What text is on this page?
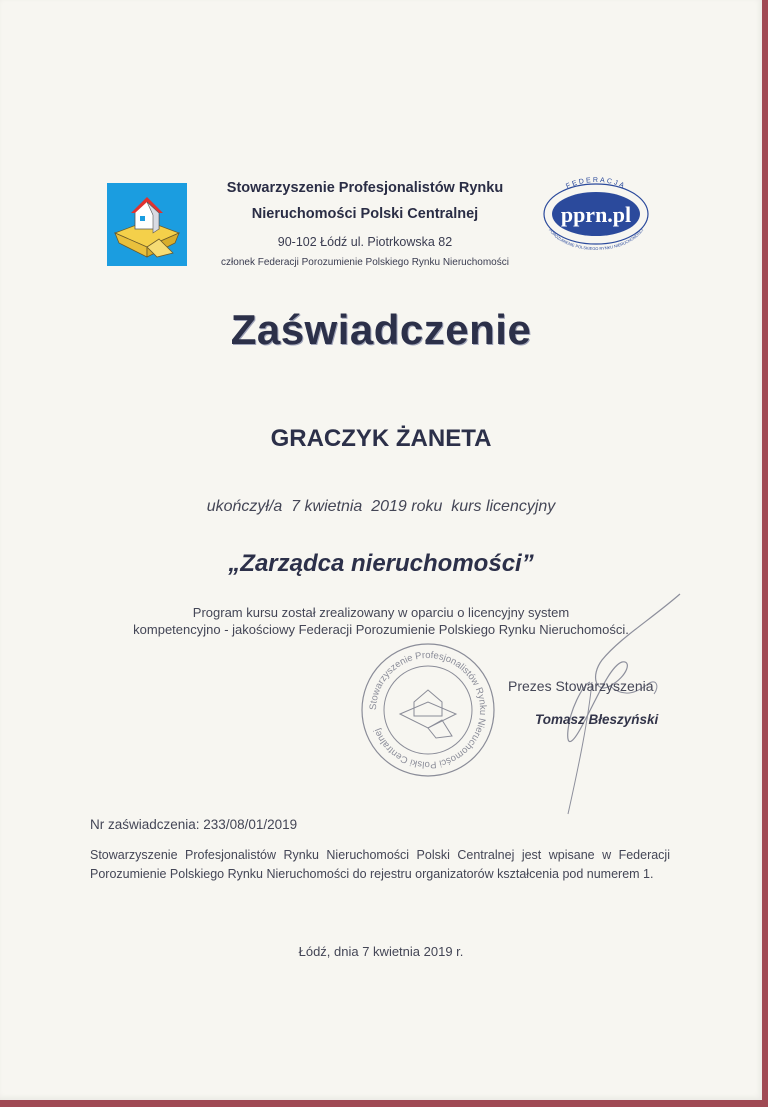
Stowarzyszenie Profesjonalistów Rynku
Nieruchomości Polski Centralnej
90-102 Łódź ul. Piotrkowska 82
członek Federacji Porozumienie Polskiego Rynku Nieruchomości
pprn.pl
FEDERACJA
POROZUMIENIE POLSKIEGO RYNKU NIERUCHOMOŚCI
Zaświadczenie
GRACZYK ŻANETA
ukończył/a  7 kwietnia  2019 roku  kurs licencyjny
„Zarządca nieruchomości”
Program kursu został zrealizowany w oparciu o licencyjny system
kompetencyjno - jakościowy Federacji Porozumienie Polskiego Rynku Nieruchomości.
Stowarzyszenie Profesjonalistów Rynku Nieruchomości Polski Centralnej
Prezes Stowarzyszenia
Tomasz Błeszyński
Nr zaświadczenia: 233/08/01/2019
Stowarzyszenie Profesjonalistów Rynku Nieruchomości Polski Centralnej jest wpisane w Federacji Porozumienie Polskiego Rynku Nieruchomości do rejestru organizatorów kształcenia pod numerem 1.
Łódź, dnia 7 kwietnia 2019 r.
